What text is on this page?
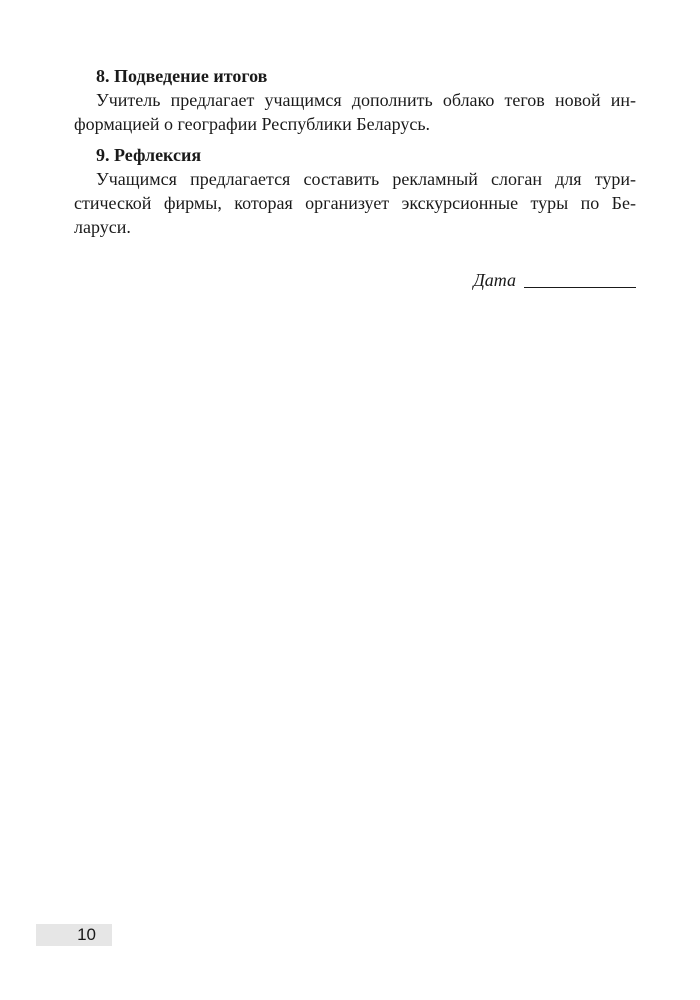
8. Подведение итогов

Учитель предлагает учащимся дополнить облако тегов новой ин-
формацией о географии Республики Беларусь.

9. Рефлексия

Учащимся предлагается составить рекламный слоган для тури-
стической фирмы, которая организует экскурсионные туры по Бе-
ларуси.

Дата
10
